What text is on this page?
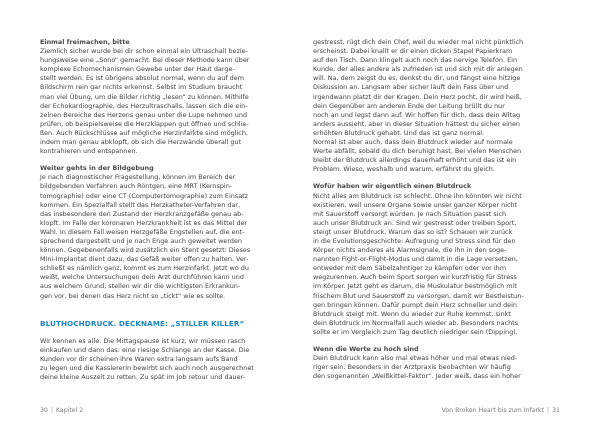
Einmal freimachen, bitte

Ziemlich sicher wurde bei dir schon einmal ein Ultraschall bezie-
hungsweise eine „Sono“ gemacht. Bei dieser Methode kann über
komplexe Echomechanismen Gewebe unter der Haut darge-
stellt werden. Es ist übrigens absolut normal, wenn du auf dem
Bildschirm rein gar nichts erkennst. Selbst im Studium braucht
man viel Übung, um die Bilder richtig „lesen“ zu können. Mithilfe
der Echokardiographie, des Herzultraschalls, lassen sich die ein-
zelnen Bereiche des Herzens genau unter die Lupe nehmen und
prüfen, ob beispielsweise die Herzklappen gut öffnen und schlie-
ßen. Auch Rückschlüsse auf mögliche Herzinfarkte sind möglich,
indem man genau abklopft, ob sich die Herzwände überall gut
kontrahieren und entspannen.

Weiter gehts in der Bildgebung

Je nach diagnostischer Fragestellung, können im Bereich der
bildgebenden Verfahren auch Röntgen, eine MRT (Kernspin-
tomographie) oder eine CT (Computertomographie) zum Einsatz
kommen. Ein Spezialfall stellt das Herzkatheter-Verfahren dar,
das insbesondere den Zustand der Herzkranzgefäße genau ab-
klopft. Im Falle der koronaren Herzkrankheit ist es das Mittel der
Wahl. In diesem Fall weisen Herzgefäße Engstellen auf, die ent-
sprechend dargestellt und je nach Enge auch geweitet werden
können. Gegebenenfalls wird zusätzlich ein Stent gesetzt: Dieses
Mini-Implantat dient dazu, das Gefäß weiter offen zu halten. Ver-
schließt es nämlich ganz, kommt es zum Herzinfarkt. Jetzt wo du
weißt, welche Untersuchungen dein Arzt durchführen kann und
aus welchem Grund, stellen wir dir die wichtigsten Erkrankun-
gen vor, bei denen das Herz nicht so „tickt“ wie es sollte.

BLUTHOCHDRUCK. DECKNAME: „STILLER KILLER“

Wir kennen es alle. Die Mittagspause ist kurz, wir müssen rasch
einkaufen und dann das: eine riesige Schlange an der Kasse. Die
Kunden vor dir scheinen ihre Waren extra langsam aufs Band
zu legen und die Kassiererin bewirbt sich auch noch ausgerechnet
deine kleine Auszeit zu retten. Zu spät im Job retour und dauer-

30 | Kapitel 2

gestresst, rügt dich dein Chef, weil du wieder mal nicht pünktlich
erscheinst. Dabei knallt er dir einen dicken Stapel Papierkram
auf den Tisch. Dann klingelt auch noch das nervige Telefon. Ein
Kunde, der alles andere als zufrieden ist und sich mit dir anlegen
will. Na, dem zeigst du es, denkst du dir, und fängst eine hitzige
Diskussion an. Langsam aber sicher läuft dein Fass über und
irgendwann platzt dir der Kragen. Dein Herz pocht, dir wird heiß,
dein Gegenüber am anderen Ende der Leitung brüllt du nur
noch an und legst dann auf. Wir hoffen für dich, dass dein Alltag
anders aussieht, aber in dieser Situation hättest du sicher einen
erhöhten Blutdruck gehabt. Und das ist ganz normal.
Normal ist aber auch, dass dein Blutdruck wieder auf normale
Werte abfällt, sobald du dich beruhigt hast. Bei vielen Menschen
bleibt der Blutdruck allerdings dauerhaft erhöht und das ist ein
Problem. Wieso, weshalb und warum, erfährst du gleich.

Wofür haben wir eigentlich einen Blutdruck

Nicht alles am Blutdruck ist schlecht. Ohne ihn könnten wir nicht
existieren, weil unsere Organe sowie unser ganzer Körper nicht
mit Sauerstoff versorgt würden. Je nach Situation passt sich
auch unser Blutdruck an. Sind wir gestresst oder treiben Sport,
steigt unser Blutdruck. Warum das so ist? Schauen wir zurück
in die Evolutionsgeschichte: Aufregung und Stress sind für den
Körper nichts anderes als Alarmsignale, die ihn in den soge-
nannten Fight-or-Flight-Modus und damit in die Lage versetzen,
entweder mit dem Säbelzahntiger zu kämpfen oder vor ihm
wegzurennen. Auch beim Sport sorgen wir kurzfristig für Stress
im Körper. Jetzt geht es darum, die Muskulatur bestmöglich mit
frischem Blut und Sauerstoff zu versorgen, damit wir Bestleistun-
gen bringen können. Dafür pumpt dein Herz schneller und dein
Blutdruck steigt mit. Wenn du wieder zur Ruhe kommst, sinkt
dein Blutdruck im Normalfall auch wieder ab. Besonders nachts
sollte er im Vergleich zum Tag deutlich niedriger sein (Dipping).

Wenn die Werte zu hoch sind

Dein Blutdruck kann also mal etwas höher und mal etwas nied-
riger sein. Besonders in der Arztpraxis beobachten wir häufig
den sogenannten „Weißkittel-Faktor“. Jeder weiß, dass ein hoher

Von Broken Heart bis zum Infarkt | 31
